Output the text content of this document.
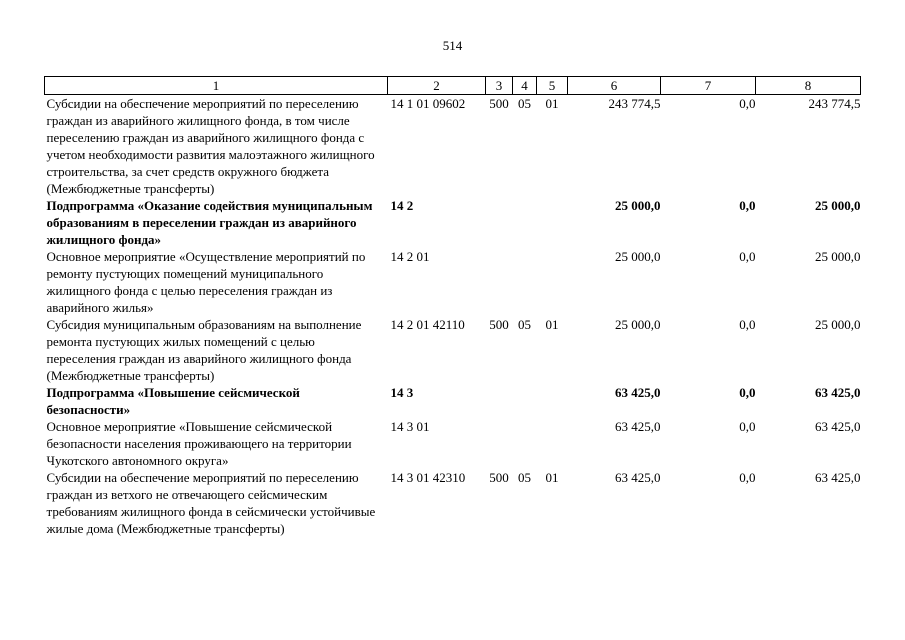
514
1	2	3	4	5	6	7	8
Субсидии на обеспечение мероприятий по переселению граждан из аварийного жилищного фонда, в том числе переселению граждан из аварийного жилищного фонда с учетом необходимости развития малоэтажного жилищного строительства, за счет средств окружного бюджета (Межбюджетные трансферты)	14 1 01 09602	500	05	01	243 774,5	0,0	243 774,5
Подпрограмма «Оказание содействия муниципальным образованиям в переселении граждан из аварийного жилищного фонда»	14 2				25 000,0	0,0	25 000,0
Основное мероприятие «Осуществление мероприятий по ремонту пустующих помещений муниципального жилищного фонда с целью переселения граждан из аварийного жилья»	14 2 01				25 000,0	0,0	25 000,0
Субсидия муниципальным образованиям на выполнение ремонта пустующих жилых помещений с целью переселения граждан из аварийного жилищного фонда (Межбюджетные трансферты)	14 2 01 42110	500	05	01	25 000,0	0,0	25 000,0
Подпрограмма «Повышение сейсмической безопасности»	14 3				63 425,0	0,0	63 425,0
Основное мероприятие «Повышение сейсмической безопасности населения проживающего на территории Чукотского автономного округа»	14 3 01				63 425,0	0,0	63 425,0
Субсидии на обеспечение мероприятий по переселению граждан из ветхого не отвечающего сейсмическим требованиям жилищного фонда в сейсмически устойчивые жилые дома (Межбюджетные трансферты)	14 3 01 42310	500	05	01	63 425,0	0,0	63 425,0
